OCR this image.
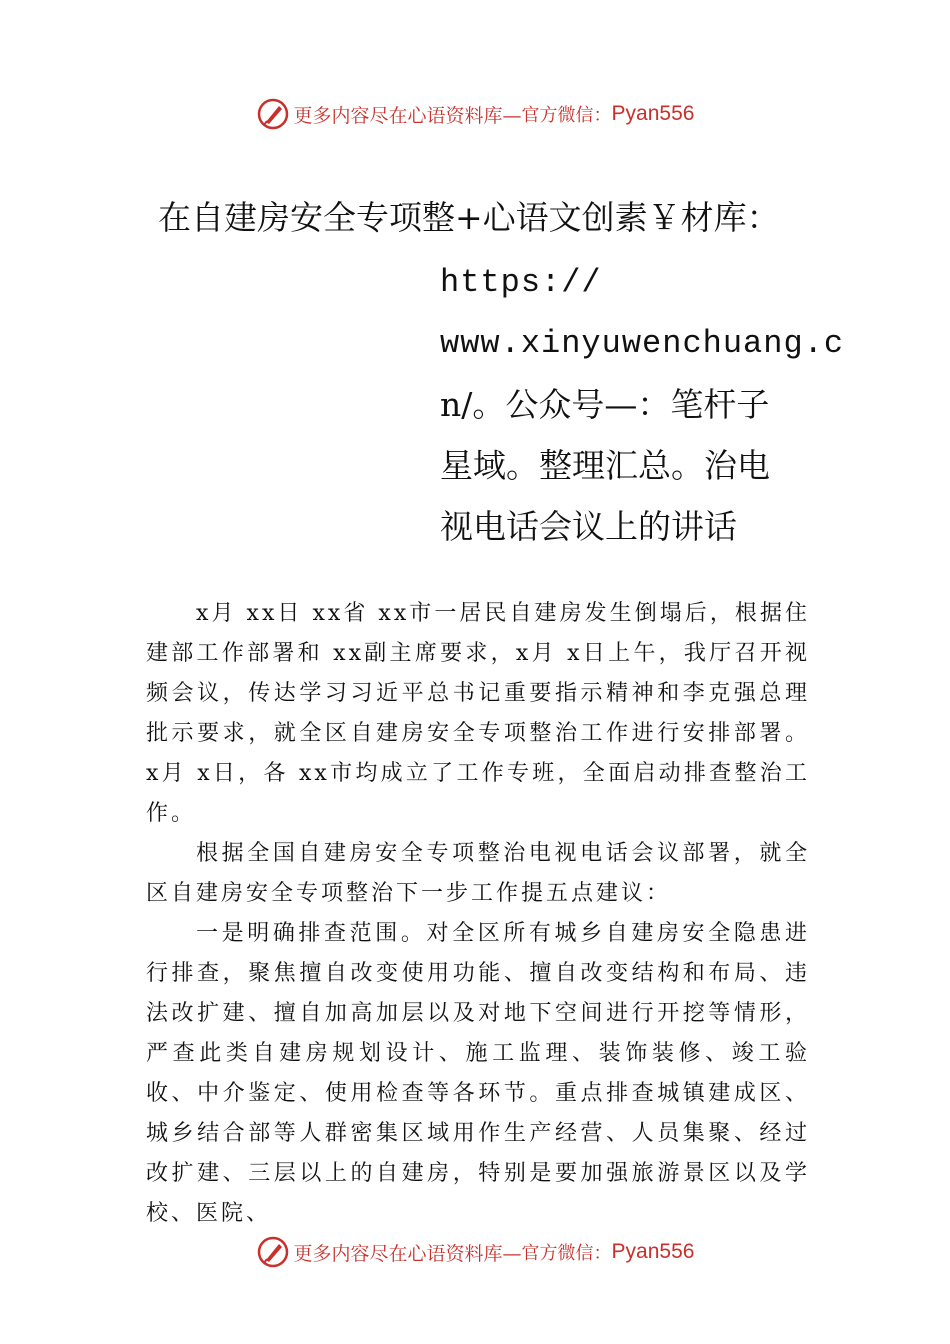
更多内容尽在心语资料库— 官方微信： Pyan556
在自建房安全专项整+心语文创素￥材库：
https://
www.xinyuwenchuang.c
n/。公众号—：笔杆子
星域。整理汇总。治电
视电话会议上的讲话

x月 xx日 xx省 xx市一居民自建房发生倒塌后，根据住建部工作部署和 xx副主席要求，x月 x日上午，我厅召开视频会议，传达学习习近平总书记重要指示精神和李克强总理批示要求，就全区自建房安全专项整治工作进行安排部署。x月 x日，各 xx市均成立了工作专班，全面启动排查整治工作。

根据全国自建房安全专项整治电视电话会议部署，就全区自建房安全专项整治下一步工作提五点建议：

一是明确排查范围。对全区所有城乡自建房安全隐患进行排查，聚焦擅自改变使用功能、擅自改变结构和布局、违法改扩建、擅自加高加层以及对地下空间进行开挖等情形，严查此类自建房规划设计、施工监理、装饰装修、竣工验收、中介鉴定、使用检查等各环节。重点排查城镇建成区、城乡结合部等人群密集区域用作生产经营、人员集聚、经过改扩建、三层以上的自建房，特别是要加强旅游景区以及学校、医院、

更多内容尽在心语资料库— 官方微信： Pyan556
